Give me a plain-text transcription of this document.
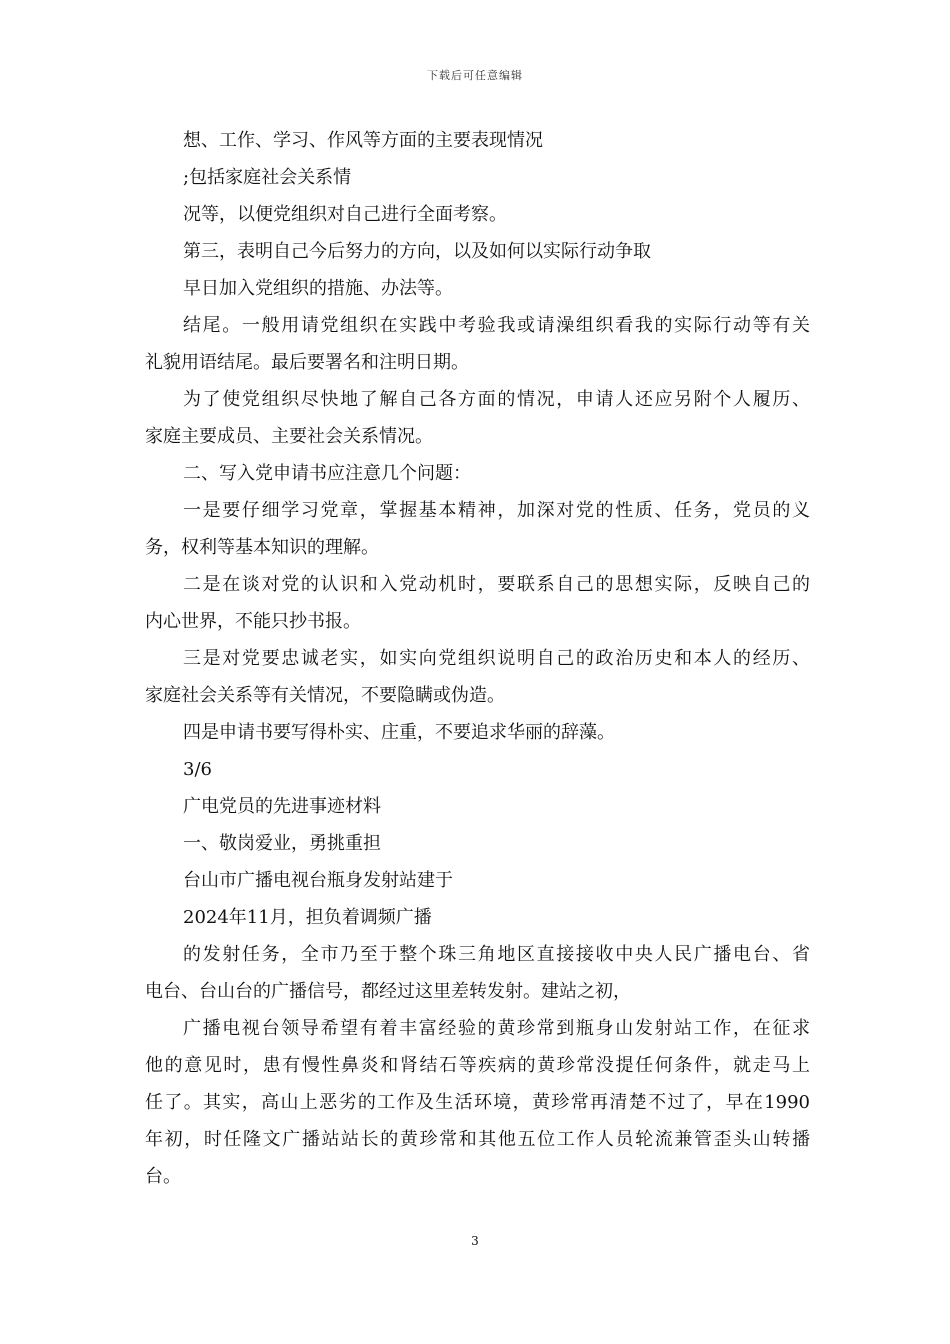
下载后可任意编辑
想、工作、学习、作风等方面的主要表现情况
;包括家庭社会关系情
况等，以便党组织对自己进行全面考察。
第三，表明自己今后努力的方向，以及如何以实际行动争取
早日加入党组织的措施、办法等。
结尾。一般用请党组织在实践中考验我或请澡组织看我的实际行动等有关
礼貌用语结尾。最后要署名和注明日期。
为了使党组织尽快地了解自己各方面的情况，申请人还应另附个人履历、
家庭主要成员、主要社会关系情况。
二、写入党申请书应注意几个问题：
一是要仔细学习党章，掌握基本精神，加深对党的性质、任务，党员的义
务，权利等基本知识的理解。
二是在谈对党的认识和入党动机时，要联系自己的思想实际，反映自己的
内心世界，不能只抄书报。
三是对党要忠诚老实，如实向党组织说明自己的政治历史和本人的经历、
家庭社会关系等有关情况，不要隐瞒或伪造。
四是申请书要写得朴实、庄重，不要追求华丽的辞藻。
3/6
广电党员的先进事迹材料
一、敬岗爱业，勇挑重担
台山市广播电视台瓶身发射站建于
2024年11月，担负着调频广播
的发射任务，全市乃至于整个珠三角地区直接接收中央人民广播电台、省
电台、台山台的广播信号，都经过这里差转发射。建站之初，
广播电视台领导希望有着丰富经验的黄珍常到瓶身山发射站工作，在征求
他的意见时，患有慢性鼻炎和肾结石等疾病的黄珍常没提任何条件，就走马上
任了。其实，高山上恶劣的工作及生活环境，黄珍常再清楚不过了，早在1990
年初，时任隆文广播站站长的黄珍常和其他五位工作人员轮流兼管歪头山转播
台。
3
